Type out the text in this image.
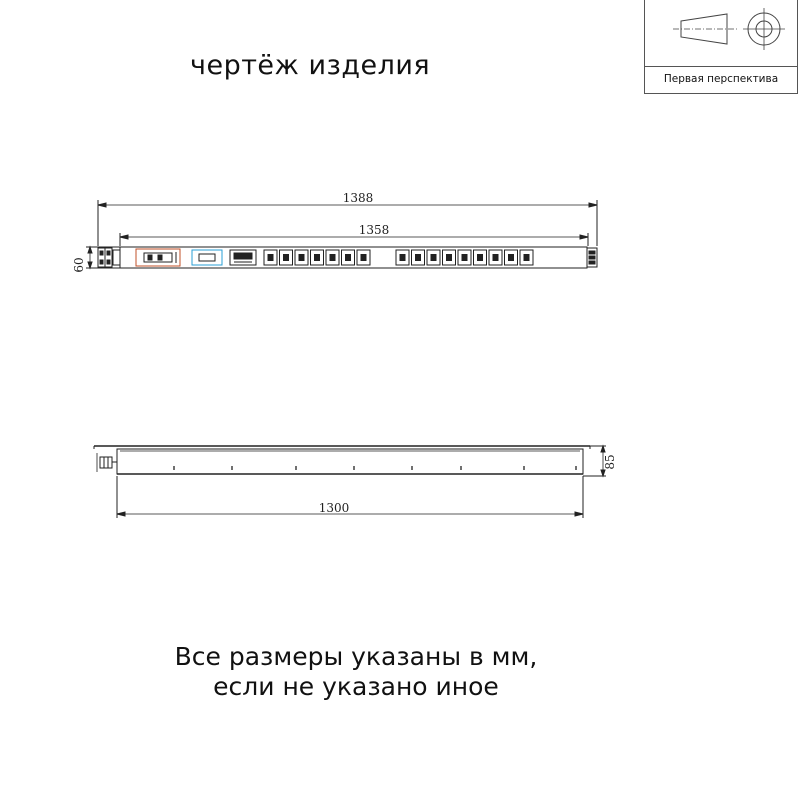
чертёж изделия	Первая перспектива
1388
1358
60
1300
85
Все размеры указаны в мм,
если не указано иное
